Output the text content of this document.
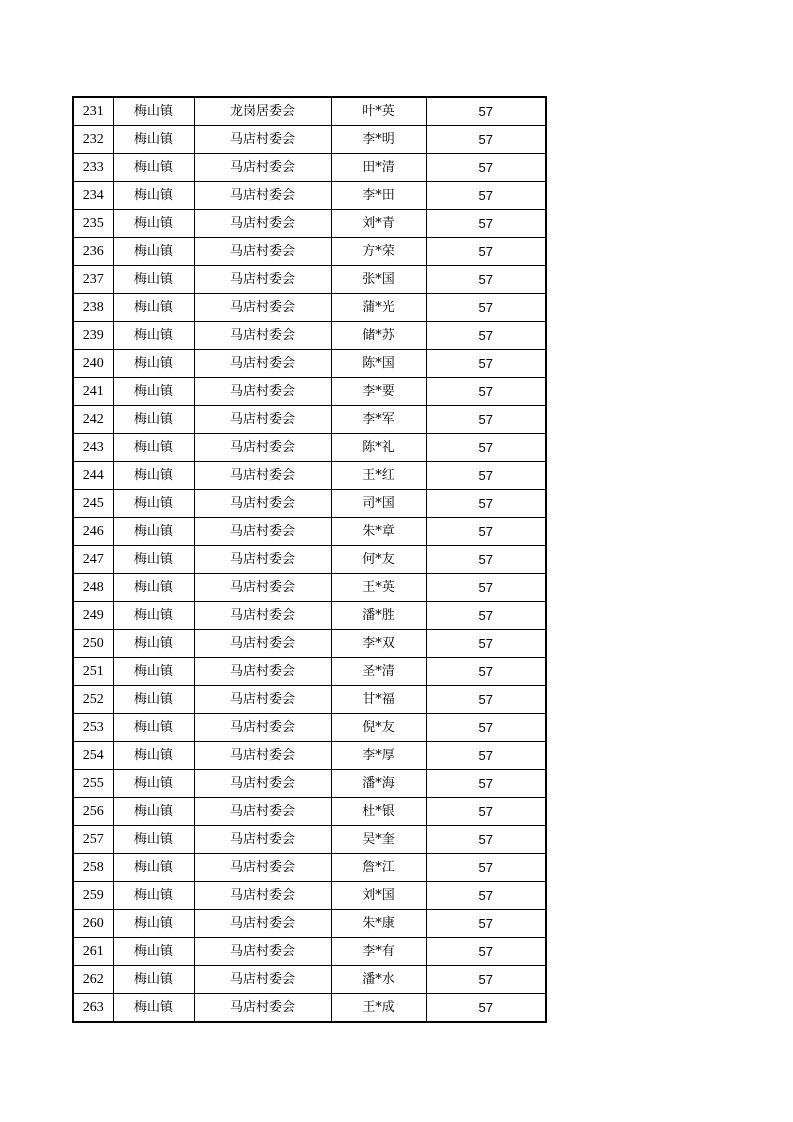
231	梅山镇	龙岗居委会	叶*英	57
232	梅山镇	马店村委会	李*明	57
233	梅山镇	马店村委会	田*清	57
234	梅山镇	马店村委会	李*田	57
235	梅山镇	马店村委会	刘*青	57
236	梅山镇	马店村委会	方*荣	57
237	梅山镇	马店村委会	张*国	57
238	梅山镇	马店村委会	蒲*光	57
239	梅山镇	马店村委会	储*苏	57
240	梅山镇	马店村委会	陈*国	57
241	梅山镇	马店村委会	李*要	57
242	梅山镇	马店村委会	李*军	57
243	梅山镇	马店村委会	陈*礼	57
244	梅山镇	马店村委会	王*红	57
245	梅山镇	马店村委会	司*国	57
246	梅山镇	马店村委会	朱*章	57
247	梅山镇	马店村委会	何*友	57
248	梅山镇	马店村委会	王*英	57
249	梅山镇	马店村委会	潘*胜	57
250	梅山镇	马店村委会	李*双	57
251	梅山镇	马店村委会	圣*清	57
252	梅山镇	马店村委会	甘*福	57
253	梅山镇	马店村委会	倪*友	57
254	梅山镇	马店村委会	李*厚	57
255	梅山镇	马店村委会	潘*海	57
256	梅山镇	马店村委会	杜*银	57
257	梅山镇	马店村委会	吴*奎	57
258	梅山镇	马店村委会	詹*江	57
259	梅山镇	马店村委会	刘*国	57
260	梅山镇	马店村委会	朱*康	57
261	梅山镇	马店村委会	李*有	57
262	梅山镇	马店村委会	潘*水	57
263	梅山镇	马店村委会	王*成	57
